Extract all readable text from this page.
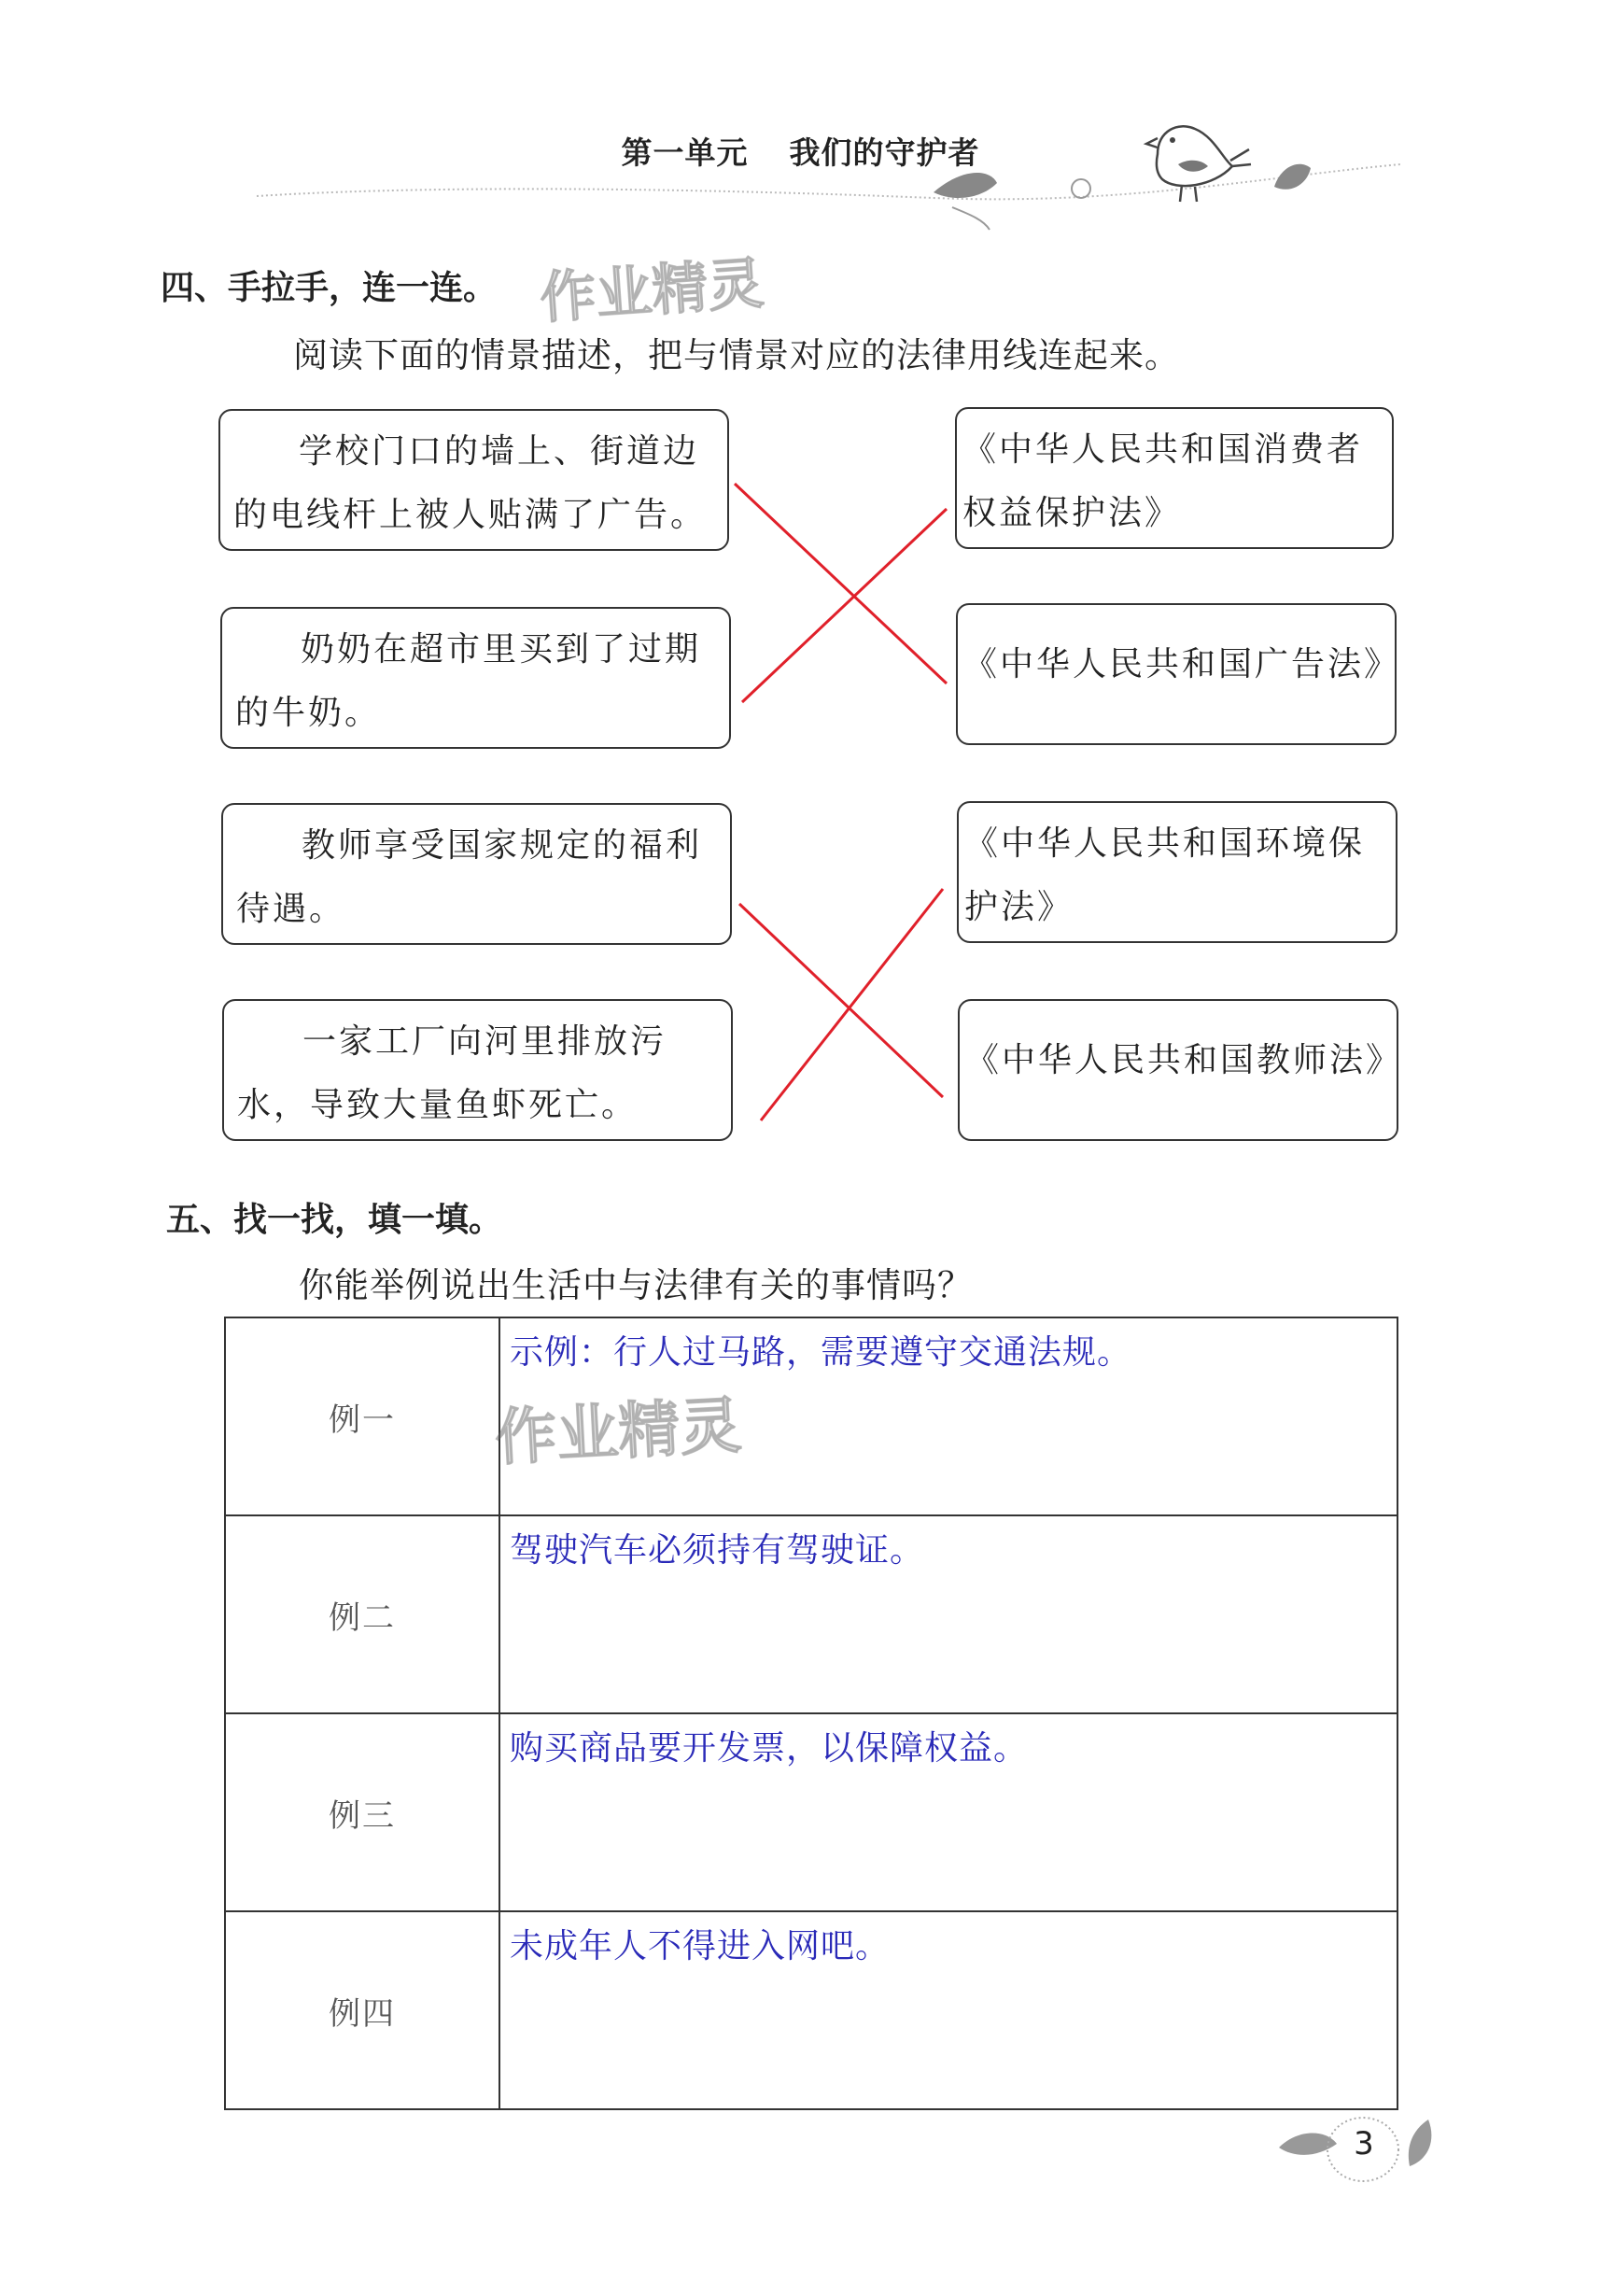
第一单元 我们的守护者
四、手拉手，连一连。 作业精灵
阅读下面的情景描述，把与情景对应的法律用线连起来。
学校门口的墙上、街道边的电线杆上被人贴满了广告。
奶奶在超市里买到了过期的牛奶。
教师享受国家规定的福利待遇。
一家工厂向河里排放污水，导致大量鱼虾死亡。
《中华人民共和国消费者权益保护法》
《中华人民共和国广告法》
《中华人民共和国环境保护法》
《中华人民共和国教师法》
五、找一找，填一填。
你能举例说出生活中与法律有关的事情吗？
例一	示例：行人过马路，需要遵守交通法规。
例二	驾驶汽车必须持有驾驶证。
例三	购买商品要开发票，以保障权益。
例四	未成年人不得进入网吧。
作业精灵
3
